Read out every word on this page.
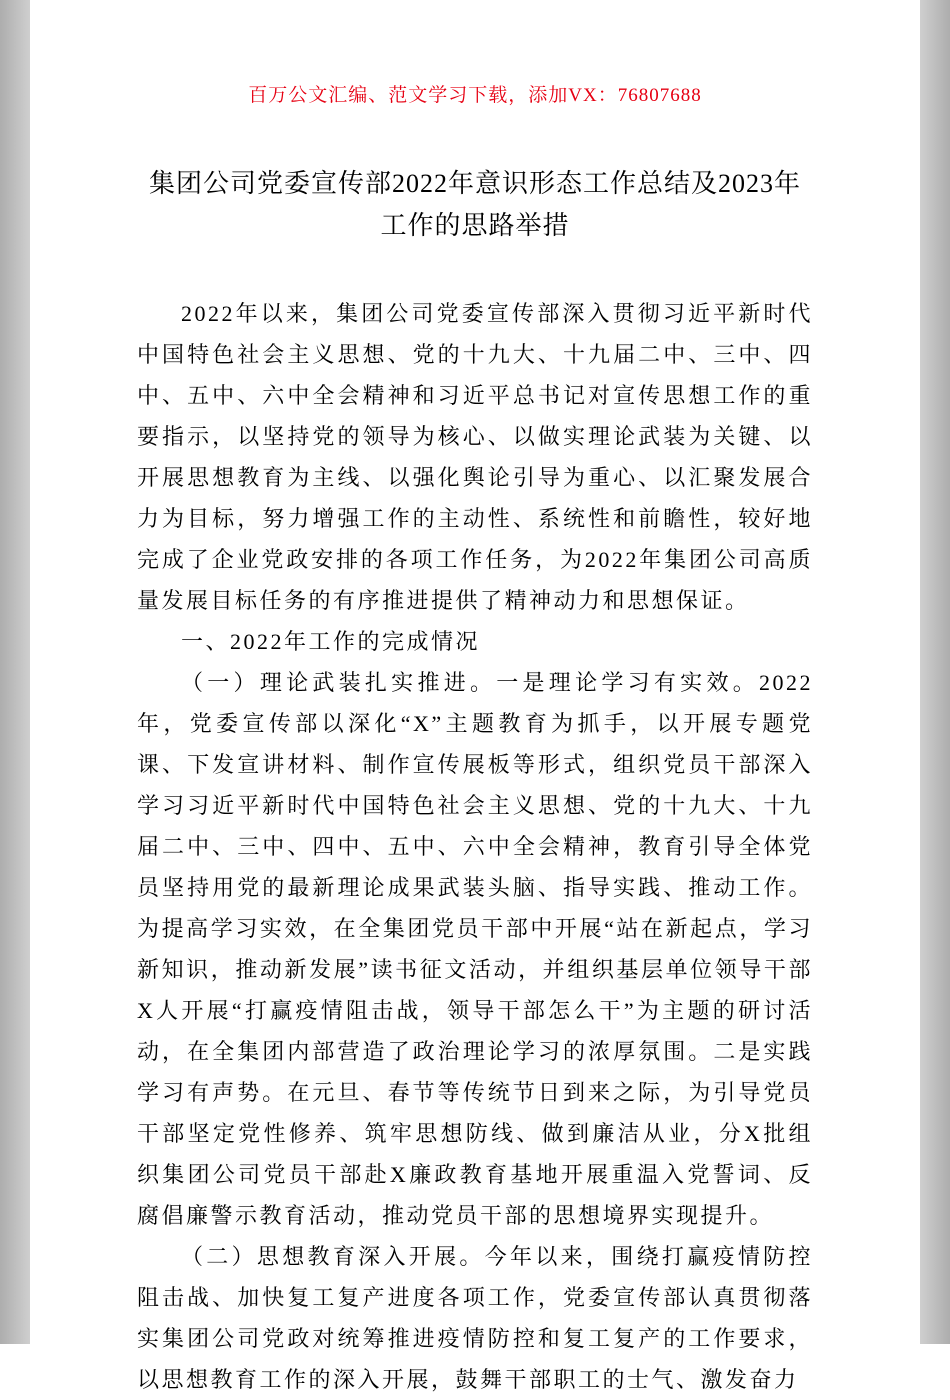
百万公文汇编、范文学习下载，添加VX：76807688
集团公司党委宣传部2022年意识形态工作总结及2023年工作的思路举措

2022年以来，集团公司党委宣传部深入贯彻习近平新时代中国特色社会主义思想、党的十九大、十九届二中、三中、四中、五中、六中全会精神和习近平总书记对宣传思想工作的重要指示，以坚持党的领导为核心、以做实理论武装为关键、以开展思想教育为主线、以强化舆论引导为重心、以汇聚发展合力为目标，努力增强工作的主动性、系统性和前瞻性，较好地完成了企业党政安排的各项工作任务，为2022年集团公司高质量发展目标任务的有序推进提供了精神动力和思想保证。

一、2022年工作的完成情况

（一）理论武装扎实推进。一是理论学习有实效。2022年，党委宣传部以深化“X”主题教育为抓手，以开展专题党课、下发宣讲材料、制作宣传展板等形式，组织党员干部深入学习习近平新时代中国特色社会主义思想、党的十九大、十九届二中、三中、四中、五中、六中全会精神，教育引导全体党员坚持用党的最新理论成果武装头脑、指导实践、推动工作。为提高学习实效，在全集团党员干部中开展“站在新起点，学习新知识，推动新发展”读书征文活动，并组织基层单位领导干部X人开展“打赢疫情阻击战，领导干部怎么干”为主题的研讨活动，在全集团内部营造了政治理论学习的浓厚氛围。二是实践学习有声势。在元旦、春节等传统节日到来之际，为引导党员干部坚定党性修养、筑牢思想防线、做到廉洁从业，分X批组织集团公司党员干部赴X廉政教育基地开展重温入党誓词、反腐倡廉警示教育活动，推动党员干部的思想境界实现提升。

（二）思想教育深入开展。今年以来，围绕打赢疫情防控阻击战、加快复工复产进度各项工作，党委宣传部认真贯彻落实集团公司党政对统筹推进疫情防控和复工复产的工作要求，以思想教育工作的深入开展，鼓舞干部职工的士气、激发奋力
